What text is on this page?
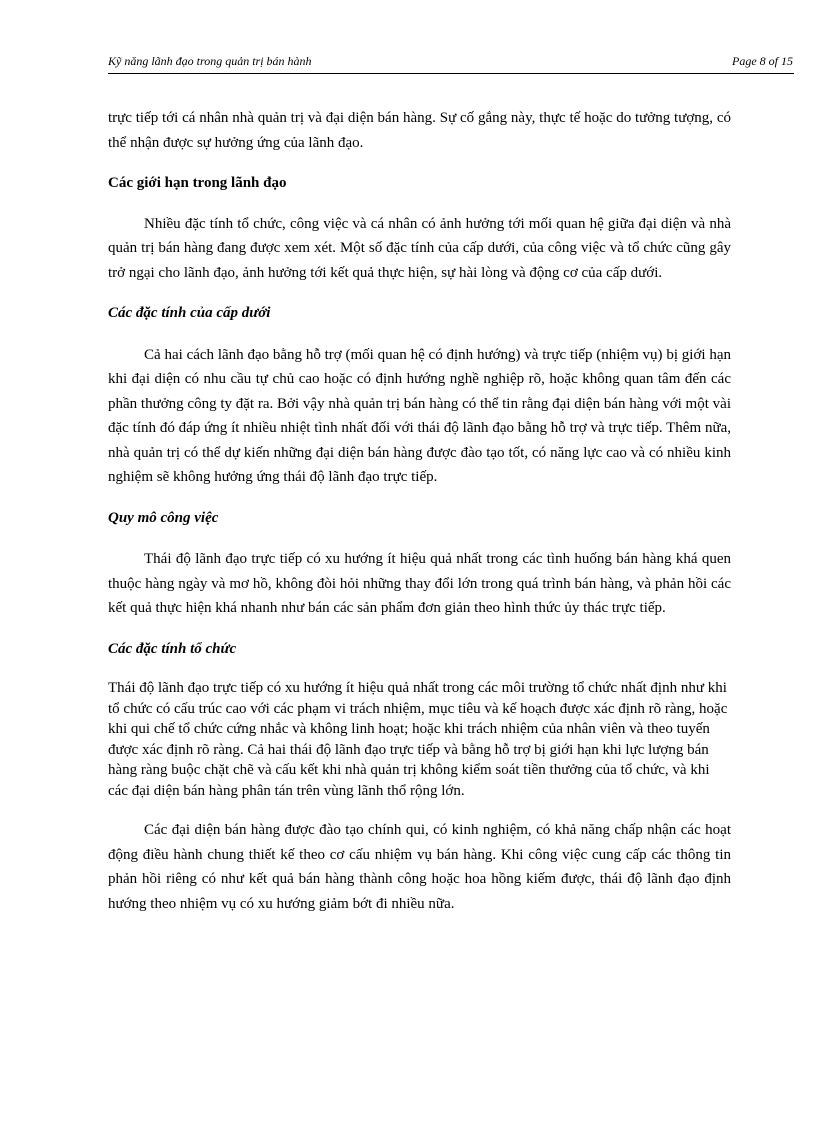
Kỹ năng lãnh đạo trong quản trị bán hành	Page 8 of 15

trực tiếp tới cá nhân nhà quản trị và đại diện bán hàng. Sự cố gắng này, thực tế hoặc do tưởng tượng, có thể nhận được sự hưởng ứng của lãnh đạo.

Các giới hạn trong lãnh đạo

Nhiều đặc tính tổ chức, công việc và cá nhân có ảnh hưởng tới mối quan hệ giữa đại diện và nhà quản trị bán hàng đang được xem xét. Một số đặc tính của cấp dưới, của công việc và tổ chức cũng gây trở ngại cho lãnh đạo, ảnh hưởng tới kết quả thực hiện, sự hài lòng và động cơ của cấp dưới.

Các đặc tính của cấp dưới

Cả hai cách lãnh đạo bằng hỗ trợ (mối quan hệ có định hướng) và trực tiếp (nhiệm vụ) bị giới hạn khi đại diện có nhu cầu tự chủ cao hoặc có định hướng nghề nghiệp rõ, hoặc không quan tâm đến các phần thưởng công ty đặt ra. Bởi vậy nhà quản trị bán hàng có thể tin rằng đại diện bán hàng với một vài đặc tính đó đáp ứng ít nhiều nhiệt tình nhất đối với thái độ lãnh đạo bằng hỗ trợ và trực tiếp. Thêm nữa, nhà quản trị có thể dự kiến những đại diện bán hàng được đào tạo tốt, có năng lực cao và có nhiều kinh nghiệm sẽ không hưởng ứng thái độ lãnh đạo trực tiếp.

Quy mô công việc

Thái độ lãnh đạo trực tiếp có xu hướng ít hiệu quả nhất trong các tình huống bán hàng khá quen thuộc hàng ngày và mơ hồ, không đòi hỏi những thay đổi lớn trong quá trình bán hàng, và phản hồi các kết quả thực hiện khá nhanh như bán các sản phẩm đơn giản theo hình thức ủy thác trực tiếp.

Các đặc tính tổ chức

Thái độ lãnh đạo trực tiếp có xu hướng ít hiệu quả nhất trong các môi trường tổ chức nhất định như khi tổ chức có cấu trúc cao với các phạm vi trách nhiệm, mục tiêu và kế hoạch được xác định rõ ràng, hoặc khi qui chế tổ chức cứng nhắc và không linh hoạt; hoặc khi trách nhiệm của nhân viên và theo tuyến được xác định rõ ràng. Cả hai thái độ lãnh đạo trực tiếp và bằng hỗ trợ bị giới hạn khi lực lượng bán hàng ràng buộc chặt chẽ và cấu kết khi nhà quản trị không kiểm soát tiền thưởng của tổ chức, và khi các đại diện bán hàng phân tán trên vùng lãnh thổ rộng lớn.

Các đại diện bán hàng được đào tạo chính qui, có kinh nghiệm, có khả năng chấp nhận các hoạt động điều hành chung thiết kế theo cơ cấu nhiệm vụ bán hàng. Khi công việc cung cấp các thông tin phản hồi riêng có như kết quả bán hàng thành công hoặc hoa hồng kiếm được, thái độ lãnh đạo định hướng theo nhiệm vụ có xu hướng giảm bớt đi nhiều nữa.
